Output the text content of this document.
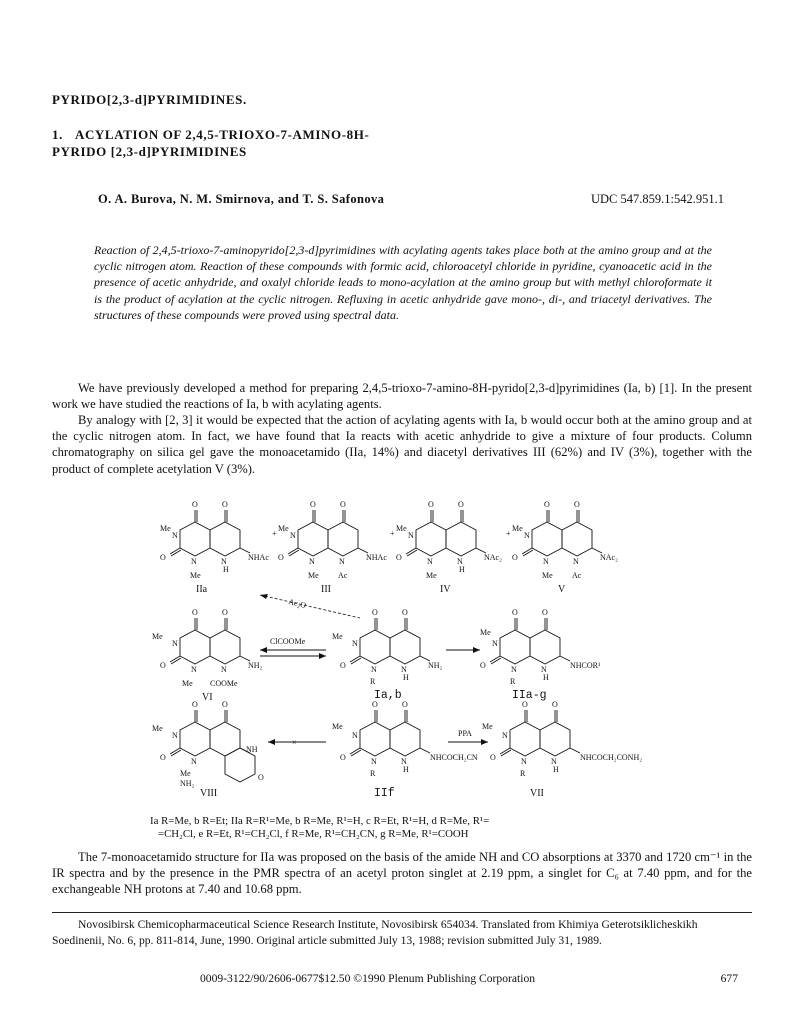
PYRIDO[2,3-d]PYRIMIDINES.
1. ACYLATION OF 2,4,5-TRIOXO-7-AMINO-8H-
PYRIDO [2,3-d]PYRIMIDINES
O. A. Burova, N. M. Smirnova, and T. S. Safonova	UDC 547.859.1:542.951.1
Reaction of 2,4,5-trioxo-7-aminopyrido[2,3-d]pyrimidines with acylating agents takes place both at the amino group and at the cyclic nitrogen atom. Reaction of these compounds with formic acid, chloroacetyl chloride in pyridine, cyanoacetic acid in the presence of acetic anhydride, and oxalyl chloride leads to mono-acylation at the amino group but with methyl chloroformate it is the product of acylation at the cyclic nitrogen. Refluxing in acetic anhydride gave mono-, di-, and triacetyl derivatives. The structures of these compounds were proved using spectral data.
We have previously developed a method for preparing 2,4,5-trioxo-7-amino-8H-pyrido[2,3-d]pyrimidines (Ia, b) [1]. In the present work we have studied the reactions of Ia, b with acylating agents.
By analogy with [2, 3] it would be expected that the action of acylating agents with Ia, b would occur both at the amino group and at the cyclic nitrogen atom. In fact, we have found that Ia reacts with acetic anhydride to give a mixture of four products. Column chromatography on silica gel gave the monoacetamido (IIa, 14%) and diacetyl derivatives III (62%) and IV (3%), together with the product of complete acetylation V (3%).
O	O
Me
N
O	N	N
H
NHAc
Me
IIa
+
O	O
Me
N
O	N	N	NHAc
Me Ac
III
+
O	O
Me
N
O	N	N
H
NAc₂
Me
IV
+
O	O
Me
N
O	N	N	NAc₂
Me Ac
V
Ac₂O
O	O
Me
N
O	N	N	NH₂
Me COOMe
VI
ClCOOMe
O	O
Me
N
O	N	N
H
NH₂
R
Ia,b
O	O
Me
N
O	N	N
H
NHCOR¹
R
IIa-g
O	O
Me
N
O	N
NH
Me
NH₂
O
VIII
×
O	O
Me
N
O	N	N
H
NHCOCH₂CN
R
IIf
PPA
O	O
Me
N
O	N	N
H
NHCOCH₂CONH₂
R
VII
Ia R=Me, b R=Et; IIa R=R¹=Me, b R=Me, R¹=H, c R=Et, R¹=H, d R=Me, R¹=
=CH₂Cl, e R=Et, R¹=CH₂Cl, f R=Me, R¹=CH₂CN, g R=Me, R¹=COOH
The 7-monoacetamido structure for IIa was proposed on the basis of the amide NH and CO absorptions at 3370 and 1720 cm⁻¹ in the IR spectra and by the presence in the PMR spectra of an acetyl proton singlet at 2.19 ppm, a singlet for C₆ at 7.40 ppm, and for the exchangeable NH protons at 7.40 and 10.68 ppm.
Novosibirsk Chemicopharmaceutical Science Research Institute, Novosibirsk 654034. Translated from Khimiya Geterotsiklicheskikh Soedinenii, No. 6, pp. 811-814, June, 1990. Original article submitted July 13, 1988; revision submitted July 31, 1989.
0009-3122/90/2606-0677$12.50 ©1990 Plenum Publishing Corporation	677
